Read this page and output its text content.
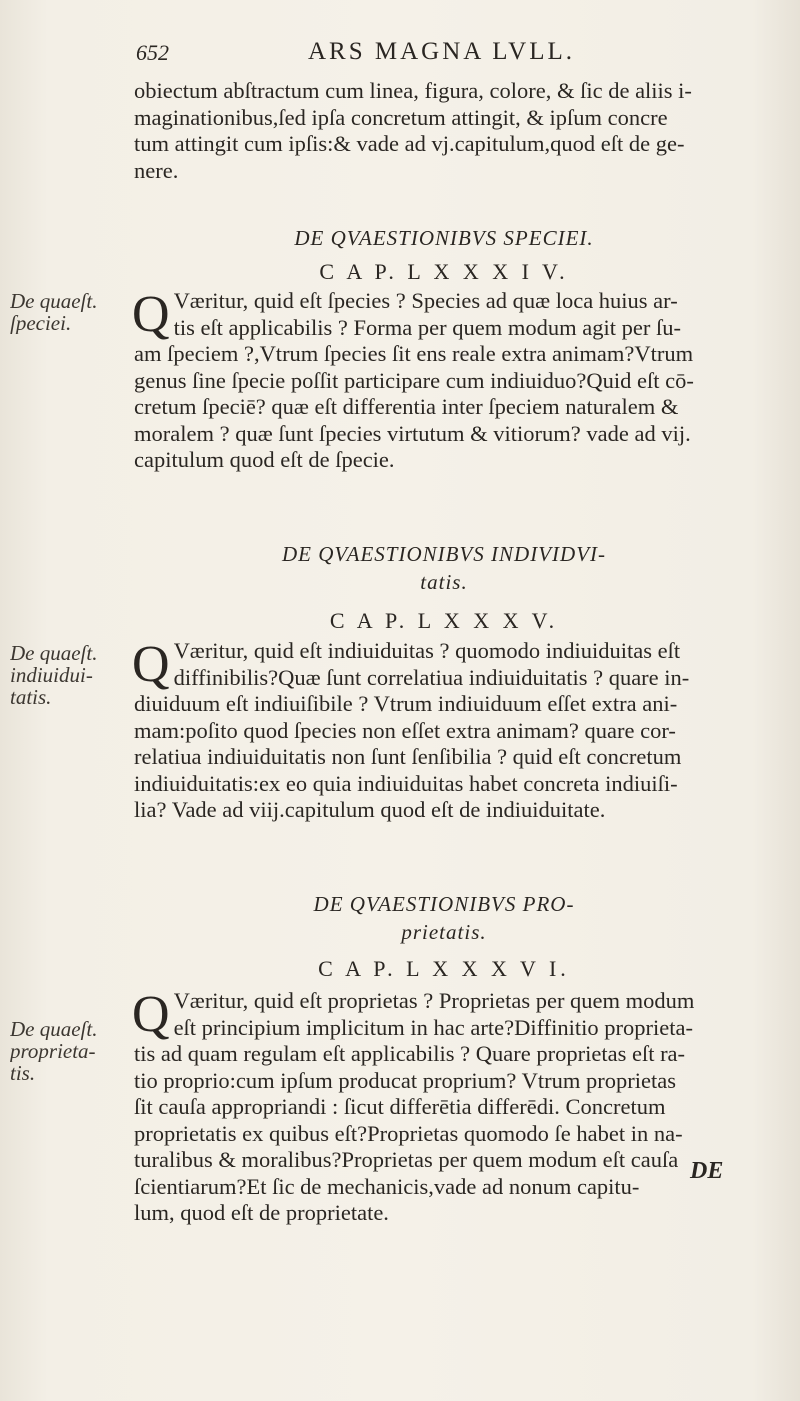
652	ARS MAGNA LVLL.
obiectum abſtractum cum linea, figura, colore, & ſic de aliis i-
maginationibus,ſed ipſa concretum attingit, & ipſum concre
tum attingit cum ipſis:& vade ad vj.capitulum,quod eſt de ge-
nere.
DE QVAESTIONIBVS SPECIEI.
C A P. L X X X I V.
De quaeſt.
ſpeciei.	Q Væritur, quid eſt ſpecies ? Species ad quæ loca huius ar-
tis eſt applicabilis ? Forma per quem modum agit per ſu-
am ſpeciem ?,Vtrum ſpecies ſit ens reale extra animam?Vtrum
genus ſine ſpecie poſſit participare cum indiuiduo?Quid eſt cō-
cretum ſpeciē? quæ eſt differentia inter ſpeciem naturalem &
moralem ? quæ ſunt ſpecies virtutum & vitiorum? vade ad vij.
capitulum quod eſt de ſpecie.
DE QVAESTIONIBVS INDIVIDVI-
tatis.
C A P. L X X X V.
De quaeſt.
indiuidui-
tatis.
Q Væritur, quid eſt indiuiduitas ? quomodo indiuiduitas eſt
diffinibilis?Quæ ſunt correlatiua indiuiduitatis ? quare in-
diuiduum eſt indiuiſibile ? Vtrum indiuiduum eſſet extra ani-
mam:poſito quod ſpecies non eſſet extra animam? quare cor-
relatiua indiuiduitatis non ſunt ſenſibilia ? quid eſt concretum
indiuiduitatis:ex eo quia indiuiduitas habet concreta indiuiſi-
lia? Vade ad viij.capitulum quod eſt de indiuiduitate.
DE QVAESTIONIBVS PRO-
prietatis.
C A P. L X X X V I.
De quaeſt.
proprieta-
tis.
Q Væritur, quid eſt proprietas ? Proprietas per quem modum
eſt principium implicitum in hac arte?Diffinitio proprieta-
tis ad quam regulam eſt applicabilis ? Quare proprietas eſt ra-
tio proprio:cum ipſum producat proprium? Vtrum proprietas
ſit cauſa appropriandi : ſicut differētia differēdi. Concretum
proprietatis ex quibus eſt?Proprietas quomodo ſe habet in na-
turalibus & moralibus?Proprietas per quem modum eſt cauſa
ſcientiarum?Et ſic de mechanicis,vade ad nonum capitu-
lum, quod eſt de proprietate.
DE
